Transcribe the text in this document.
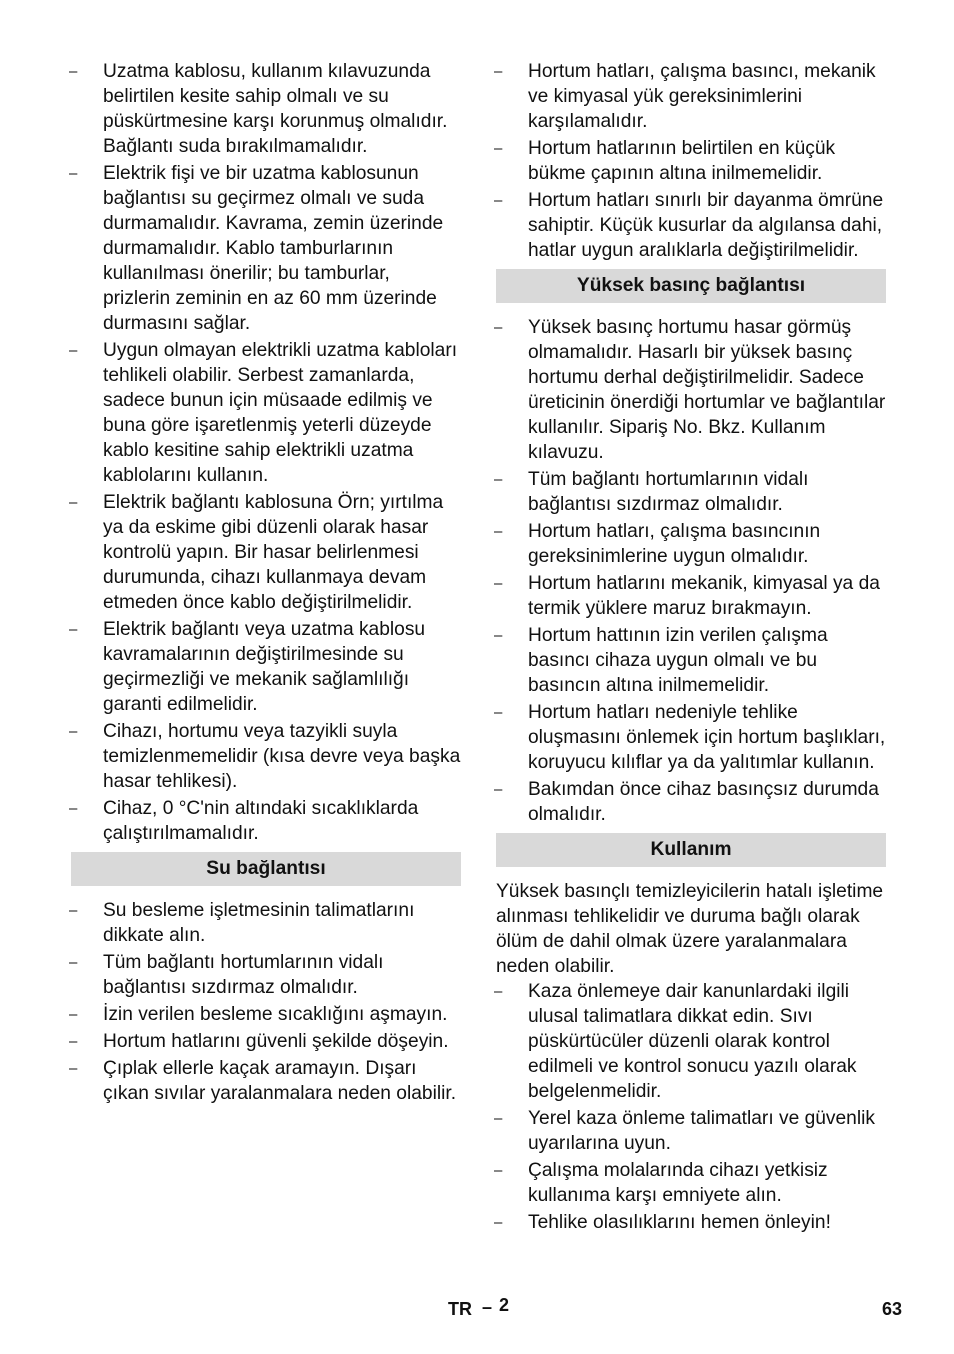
– Uzatma kablosu, kullanım kılavuzunda belirtilen kesite sahip olmalı ve su püskürtmesine karşı korunmuş olmalıdır. Bağlantı suda bırakılmamalıdır.
– Elektrik fişi ve bir uzatma kablosunun bağlantısı su geçirmez olmalı ve suda durmamalıdır. Kavrama, zemin üzerinde durmamalıdır. Kablo tamburlarının kullanılması önerilir; bu tamburlar, prizlerin zeminin en az 60 mm üzerinde durmasını sağlar.
– Uygun olmayan elektrikli uzatma kabloları tehlikeli olabilir. Serbest zamanlarda, sadece bunun için müsaade edilmiş ve buna göre işaretlenmiş yeterli düzeyde kablo kesitine sahip elektrikli uzatma kablolarını kullanın.
– Elektrik bağlantı kablosuna Örn; yırtılma ya da eskime gibi düzenli olarak hasar kontrolü yapın. Bir hasar belirlenmesi durumunda, cihazı kullanmaya devam etmeden önce kablo değiştirilmelidir.
– Elektrik bağlantı veya uzatma kablosu kavramalarının değiştirilmesinde su geçirmezliği ve mekanik sağlamlılığı garanti edilmelidir.
– Cihazı, hortumu veya tazyikli suyla temizlenmemelidir (kısa devre veya başka hasar tehlikesi).
– Cihaz, 0 °C'nin altındaki sıcaklıklarda çalıştırılmamalıdır.
Su bağlantısı
– Su besleme işletmesinin talimatlarını dikkate alın.
– Tüm bağlantı hortumlarının vidalı bağlantısı sızdırmaz olmalıdır.
– İzin verilen besleme sıcaklığını aşmayın.
– Hortum hatlarını güvenli şekilde döşeyin.
– Çıplak ellerle kaçak aramayın. Dışarı çıkan sıvılar yaralanmalara neden olabilir.
– Hortum hatları, çalışma basıncı, mekanik ve kimyasal yük gereksinimlerini karşılamalıdır.
– Hortum hatlarının belirtilen en küçük bükme çapının altına inilmemelidir.
– Hortum hatları sınırlı bir dayanma ömrüne sahiptir. Küçük kusurlar da algılansa dahi, hatlar uygun aralıklarla değiştirilmelidir.
Yüksek basınç bağlantısı
– Yüksek basınç hortumu hasar görmüş olmamalıdır. Hasarlı bir yüksek basınç hortumu derhal değiştirilmelidir. Sadece üreticinin önerdiği hortumlar ve bağlantılar kullanılır. Sipariş No. Bkz. Kullanım kılavuzu.
– Tüm bağlantı hortumlarının vidalı bağlantısı sızdırmaz olmalıdır.
– Hortum hatları, çalışma basıncının gereksinimlerine uygun olmalıdır.
– Hortum hatlarını mekanik, kimyasal ya da termik yüklere maruz bırakmayın.
– Hortum hattının izin verilen çalışma basıncı cihaza uygun olmalı ve bu basıncın altına inilmemelidir.
– Hortum hatları nedeniyle tehlike oluşmasını önlemek için hortum başlıkları, koruyucu kılıflar ya da yalıtımlar kullanın.
– Bakımdan önce cihaz basınçsız durumda olmalıdır.
Kullanım

Yüksek basınçlı temizleyicilerin hatalı işletime alınması tehlikelidir ve duruma bağlı olarak ölüm de dahil olmak üzere yaralanmalara neden olabilir.

– Kaza önlemeye dair kanunlardaki ilgili ulusal talimatlara dikkat edin. Sıvı püskürtücüler düzenli olarak kontrol edilmeli ve kontrol sonucu yazılı olarak belgelenmelidir.
– Yerel kaza önleme talimatları ve güvenlik uyarılarına uyun.
– Çalışma molalarında cihazı yetkisiz kullanıma karşı emniyete alın.
– Tehlike olasılıklarını hemen önleyin!
TR – 2	63
